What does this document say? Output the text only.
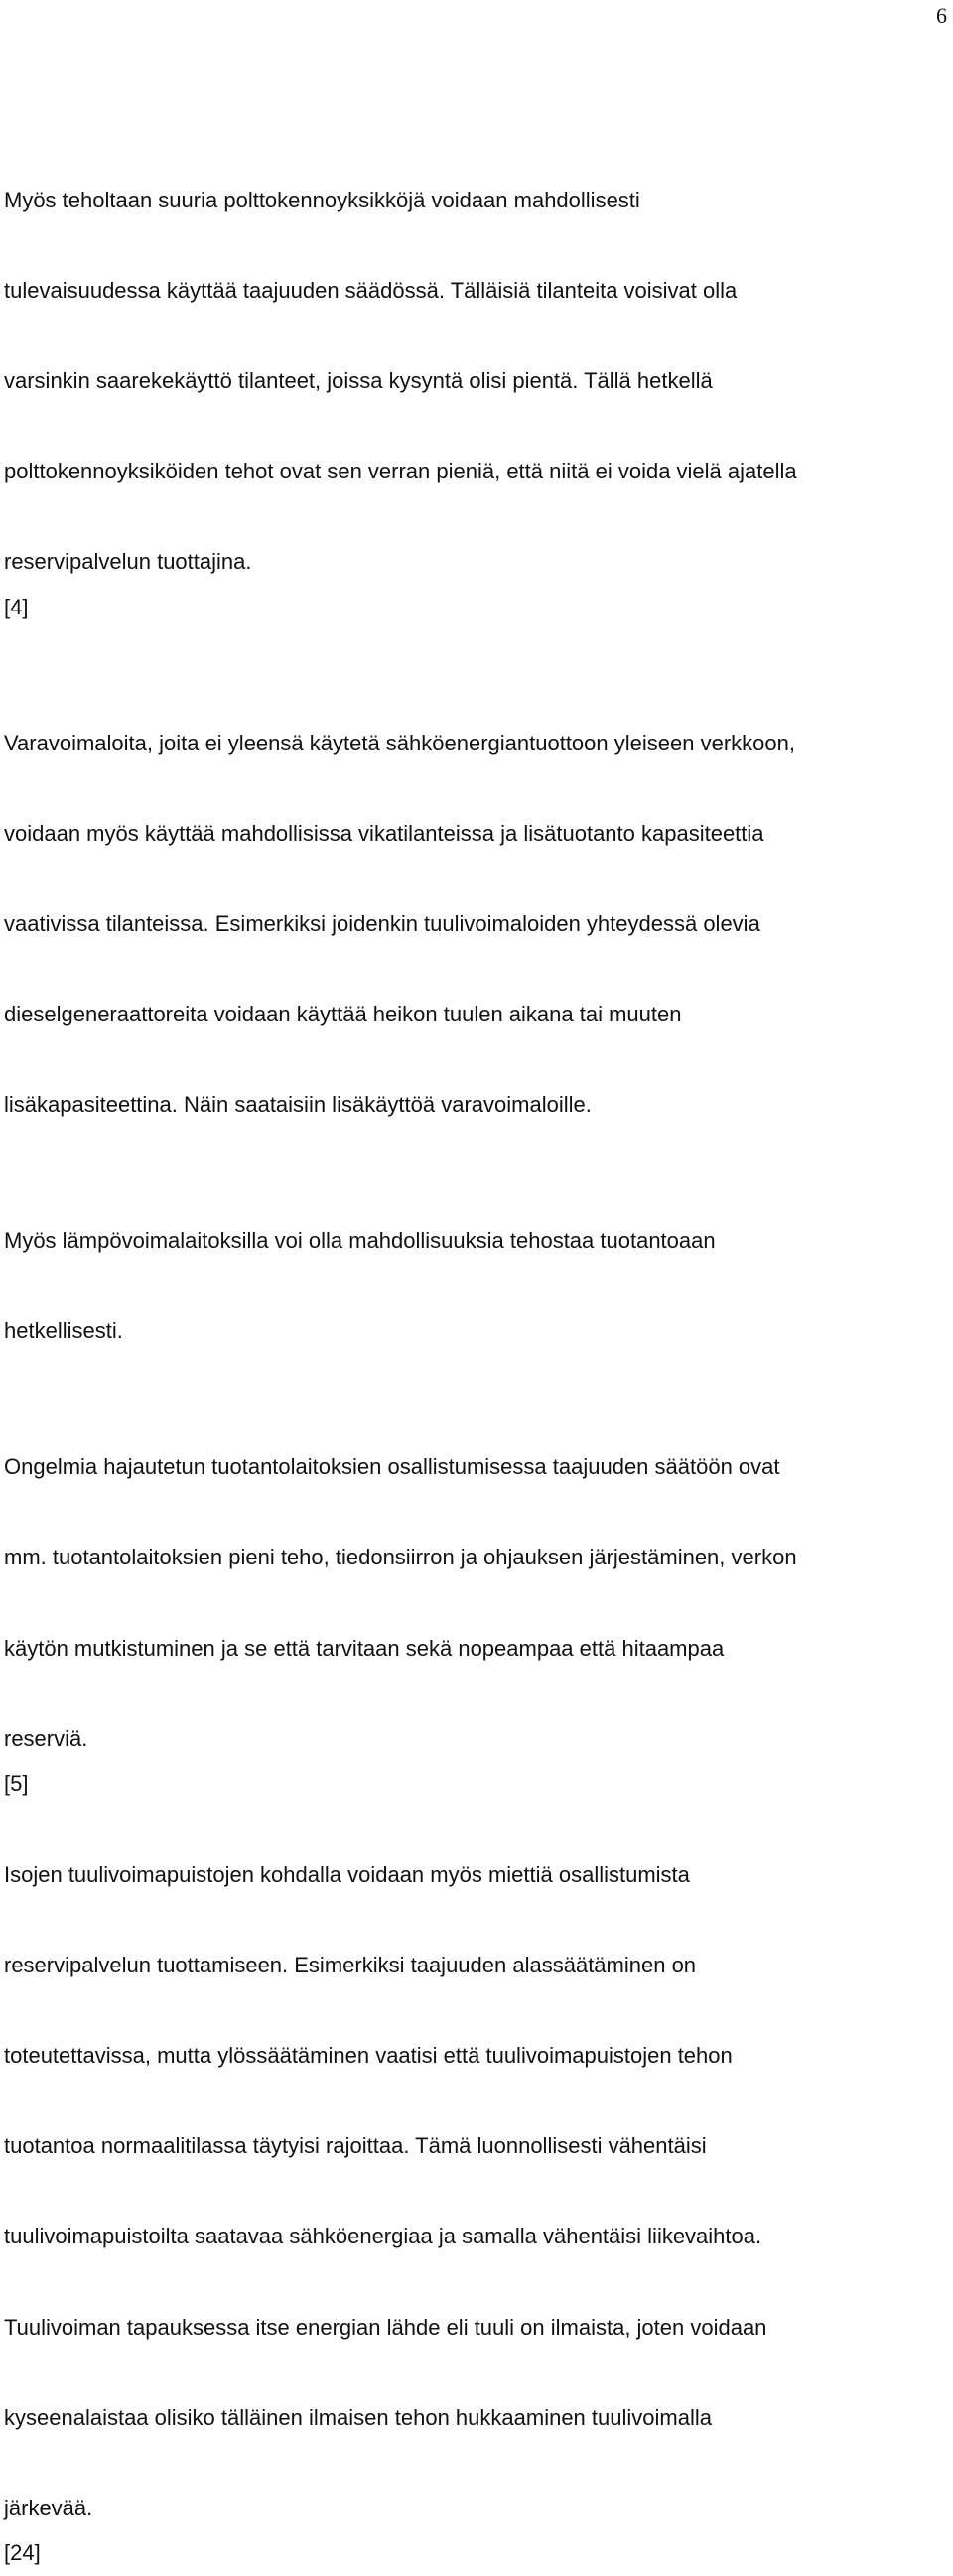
6

Myös teholtaan suuria polttokennoyksikköjä voidaan mahdollisesti

tulevaisuudessa käyttää taajuuden säädössä. Tälläisiä tilanteita voisivat olla

varsinkin saarekekäyttö tilanteet, joissa kysyntä olisi pientä. Tällä hetkellä

polttokennoyksiköiden tehot ovat sen verran pieniä, että niitä ei voida vielä ajatella

reservipalvelun tuottajina.

[4]

Varavoimaloita, joita ei yleensä käytetä sähköenergiantuottoon yleiseen verkkoon,

voidaan myös käyttää mahdollisissa vikatilanteissa ja lisätuotanto kapasiteettia

vaativissa tilanteissa. Esimerkiksi joidenkin tuulivoimaloiden yhteydessä olevia

dieselgeneraattoreita voidaan käyttää heikon tuulen aikana tai muuten

lisäkapasiteettina. Näin saataisiin lisäkäyttöä varavoimaloille.

Myös lämpövoimalaitoksilla voi olla mahdollisuuksia tehostaa tuotantoaan

hetkellisesti.

Ongelmia hajautetun tuotantolaitoksien osallistumisessa taajuuden säätöön ovat

mm. tuotantolaitoksien pieni teho, tiedonsiirron ja ohjauksen järjestäminen, verkon

käytön mutkistuminen ja se että tarvitaan sekä nopeampaa että hitaampaa

reserviä.

[5]

Isojen tuulivoimapuistojen kohdalla voidaan myös miettiä osallistumista

reservipalvelun tuottamiseen. Esimerkiksi taajuuden alassäätäminen on

toteutettavissa, mutta ylössäätäminen vaatisi että tuulivoimapuistojen tehon

tuotantoa normaalitilassa täytyisi rajoittaa. Tämä luonnollisesti vähentäisi

tuulivoimapuistoilta saatavaa sähköenergiaa ja samalla vähentäisi liikevaihtoa.

Tuulivoiman tapauksessa itse energian lähde eli tuuli on ilmaista, joten voidaan

kyseenalaistaa olisiko tälläinen ilmaisen tehon hukkaaminen tuulivoimalla

järkevää.

[24]
